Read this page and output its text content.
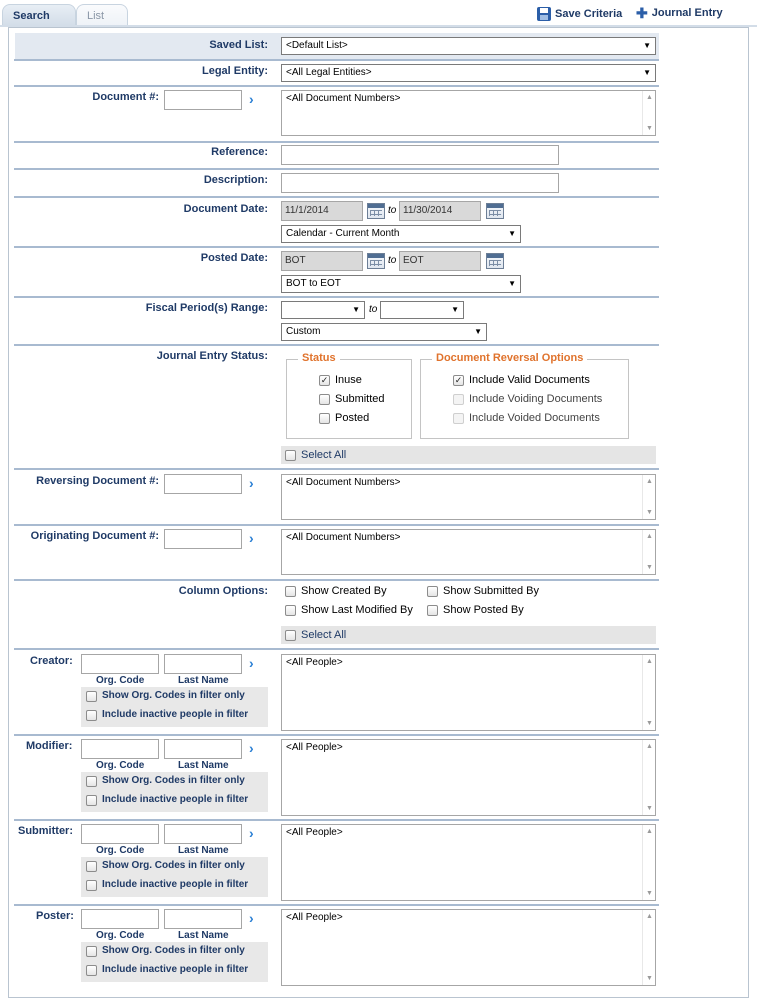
Search	List	Save Criteria ✚ Journal Entry
Saved List:	<Default List>	▼
Legal Entity:	<All Legal Entities>	▼
Document #:	›	<All Document Numbers>	▲
▼
Reference:
Description:
Document Date:	11/1/2014	to 11/30/2014
Calendar - Current Month	▼
Posted Date:	BOT	to EOT
BOT to EOT	▼
Fiscal Period(s) Range:	▼ to	▼
Custom	▼
Journal Entry Status:	Status
✓ Inuse
Submitted
Posted
Document Reversal Options
✓ Include Valid Documents
Include Voiding Documents
Include Voided Documents
Select All
Reversing Document #:	›	<All Document Numbers>	▲
▼
Originating Document #:	›	<All Document Numbers>	▲
▼
Column Options:	Show Created By	Show Submitted By
Show Last Modified By	Show Posted By
Select All
Creator:	›
Org. Code	Last Name
Show Org. Codes in filter only
Include inactive people in filter
<All People>	▲
▼
Modifier:	›
Org. Code	Last Name
Show Org. Codes in filter only
Include inactive people in filter
<All People>	▲
▼
Submitter:	›
Org. Code	Last Name
Show Org. Codes in filter only
Include inactive people in filter
<All People>	▲
▼
Poster:	›
Org. Code	Last Name
Show Org. Codes in filter only
Include inactive people in filter
<All People>	▲
▼
